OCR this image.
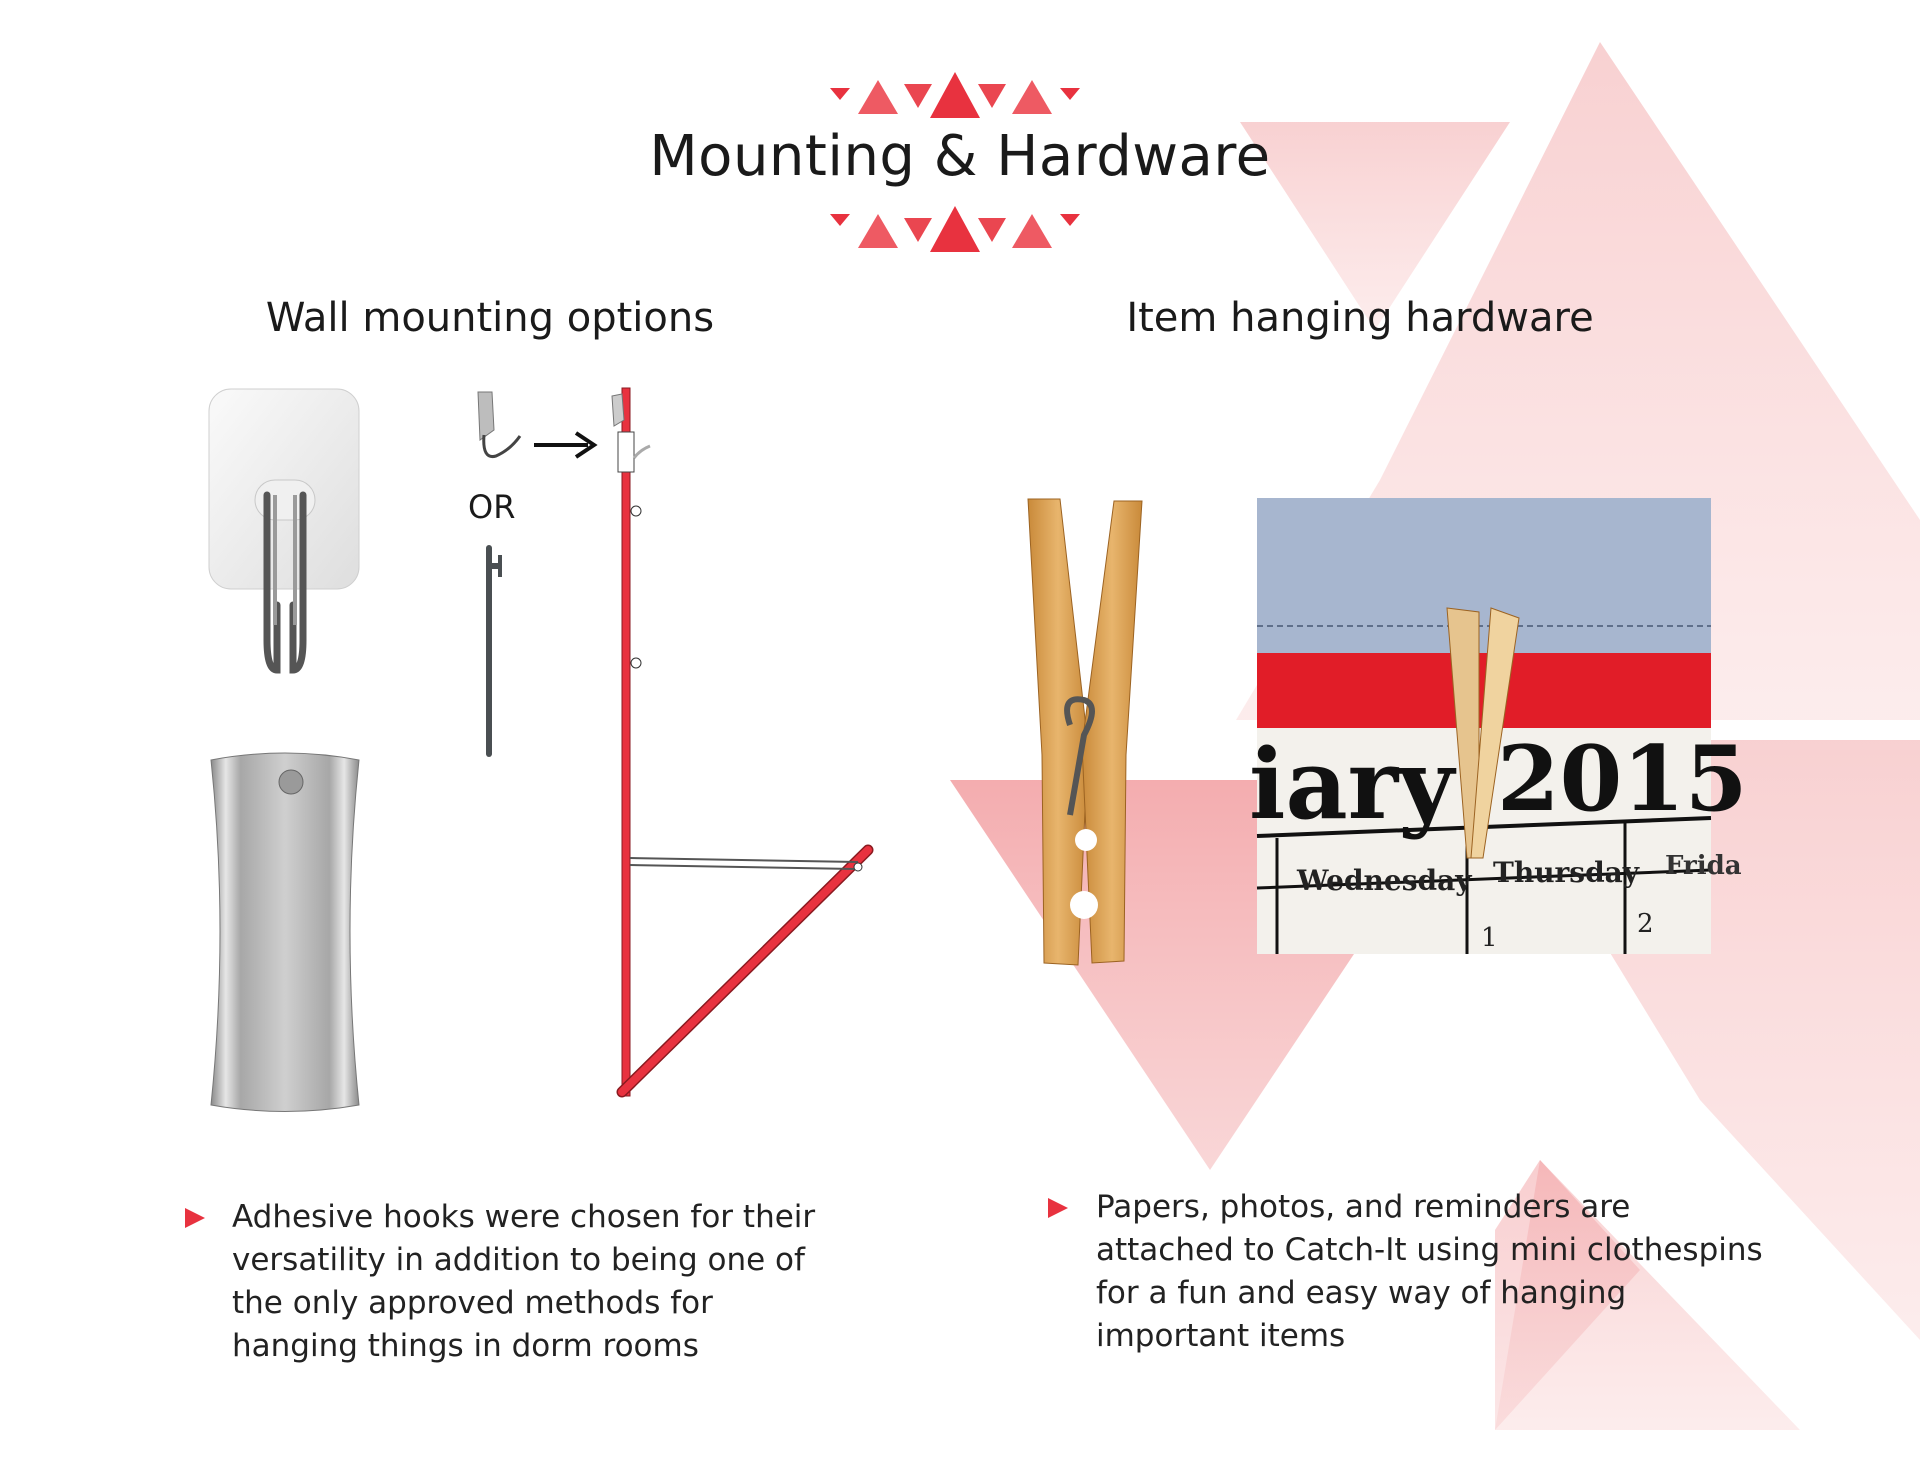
Mounting & Hardware
Wall mounting options	Item hanging hardware

OR

iary 2015
Wednesday Thursday Frida
1	2

Adhesive hooks were chosen for their versatility in addition to being one of the only approved methods for hanging things in dorm rooms

Papers, photos, and reminders are attached to Catch-It using mini clothespins for a fun and easy way of hanging important items
